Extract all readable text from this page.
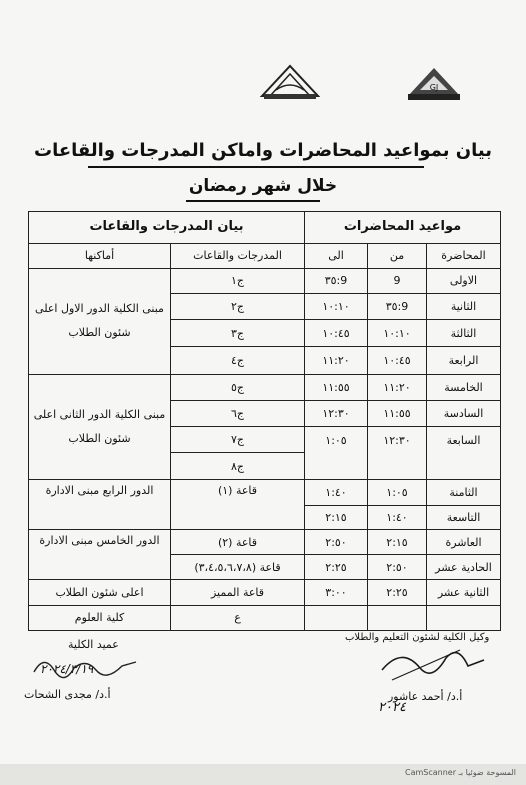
GJ
بيان بمواعيد المحاضرات واماكن المدرجات والقاعات
خلال شهر رمضان
مواعيد المحاضرات			بيان المدرجات والقاعات	
المحاضرة	من	الى	المدرجات والقاعات	أماكنها
الاولى	9	9:٣٥	ج١	مبنى الكلية الدور الاول اعلى شئون الطلاب
الثانية	9:٣٥	١٠:١٠	ج٢	
الثالثة	١٠:١٠	١٠:٤٥	ج٣	
الرابعة	١٠:٤٥	١١:٢٠	ج٤	
الخامسة	١١:٢٠	١١:٥٥	ج٥	مبنى الكلية الدور الثانى اعلى شئون الطلاب
السادسة	١١:٥٥	١٢:٣٠	ج٦	
السابعة	١٢:٣٠	١:٠٥	ج٧	
			ج٨	
الثامنة	١:٠٥	١:٤٠	قاعة (١)	الدور الرابع مبنى الادارة
التاسعة	١:٤٠	٢:١٥		
العاشرة	٢:١٥	٢:٥٠	قاعة (٢)	الدور الخامس مبنى الادارة
الحادية عشر	٢:٥٠	٢:٢٥	قاعة (٣،٤،٥،٦،٧،٨)	
الثانية عشر	٢:٢٥	٣:٠٠	قاعة المميز	اعلى شئون الطلاب
			ع	كلية العلوم
عميد الكلية
٢٠٢٤/٣/١٩
أ.د/ مجدى الشحات
وكيل الكلية لشئون التعليم والطلاب
أ.د/ أحمد عاشور
٢٠٢٤
CamScanner المسوحة ضوئيا بـ
